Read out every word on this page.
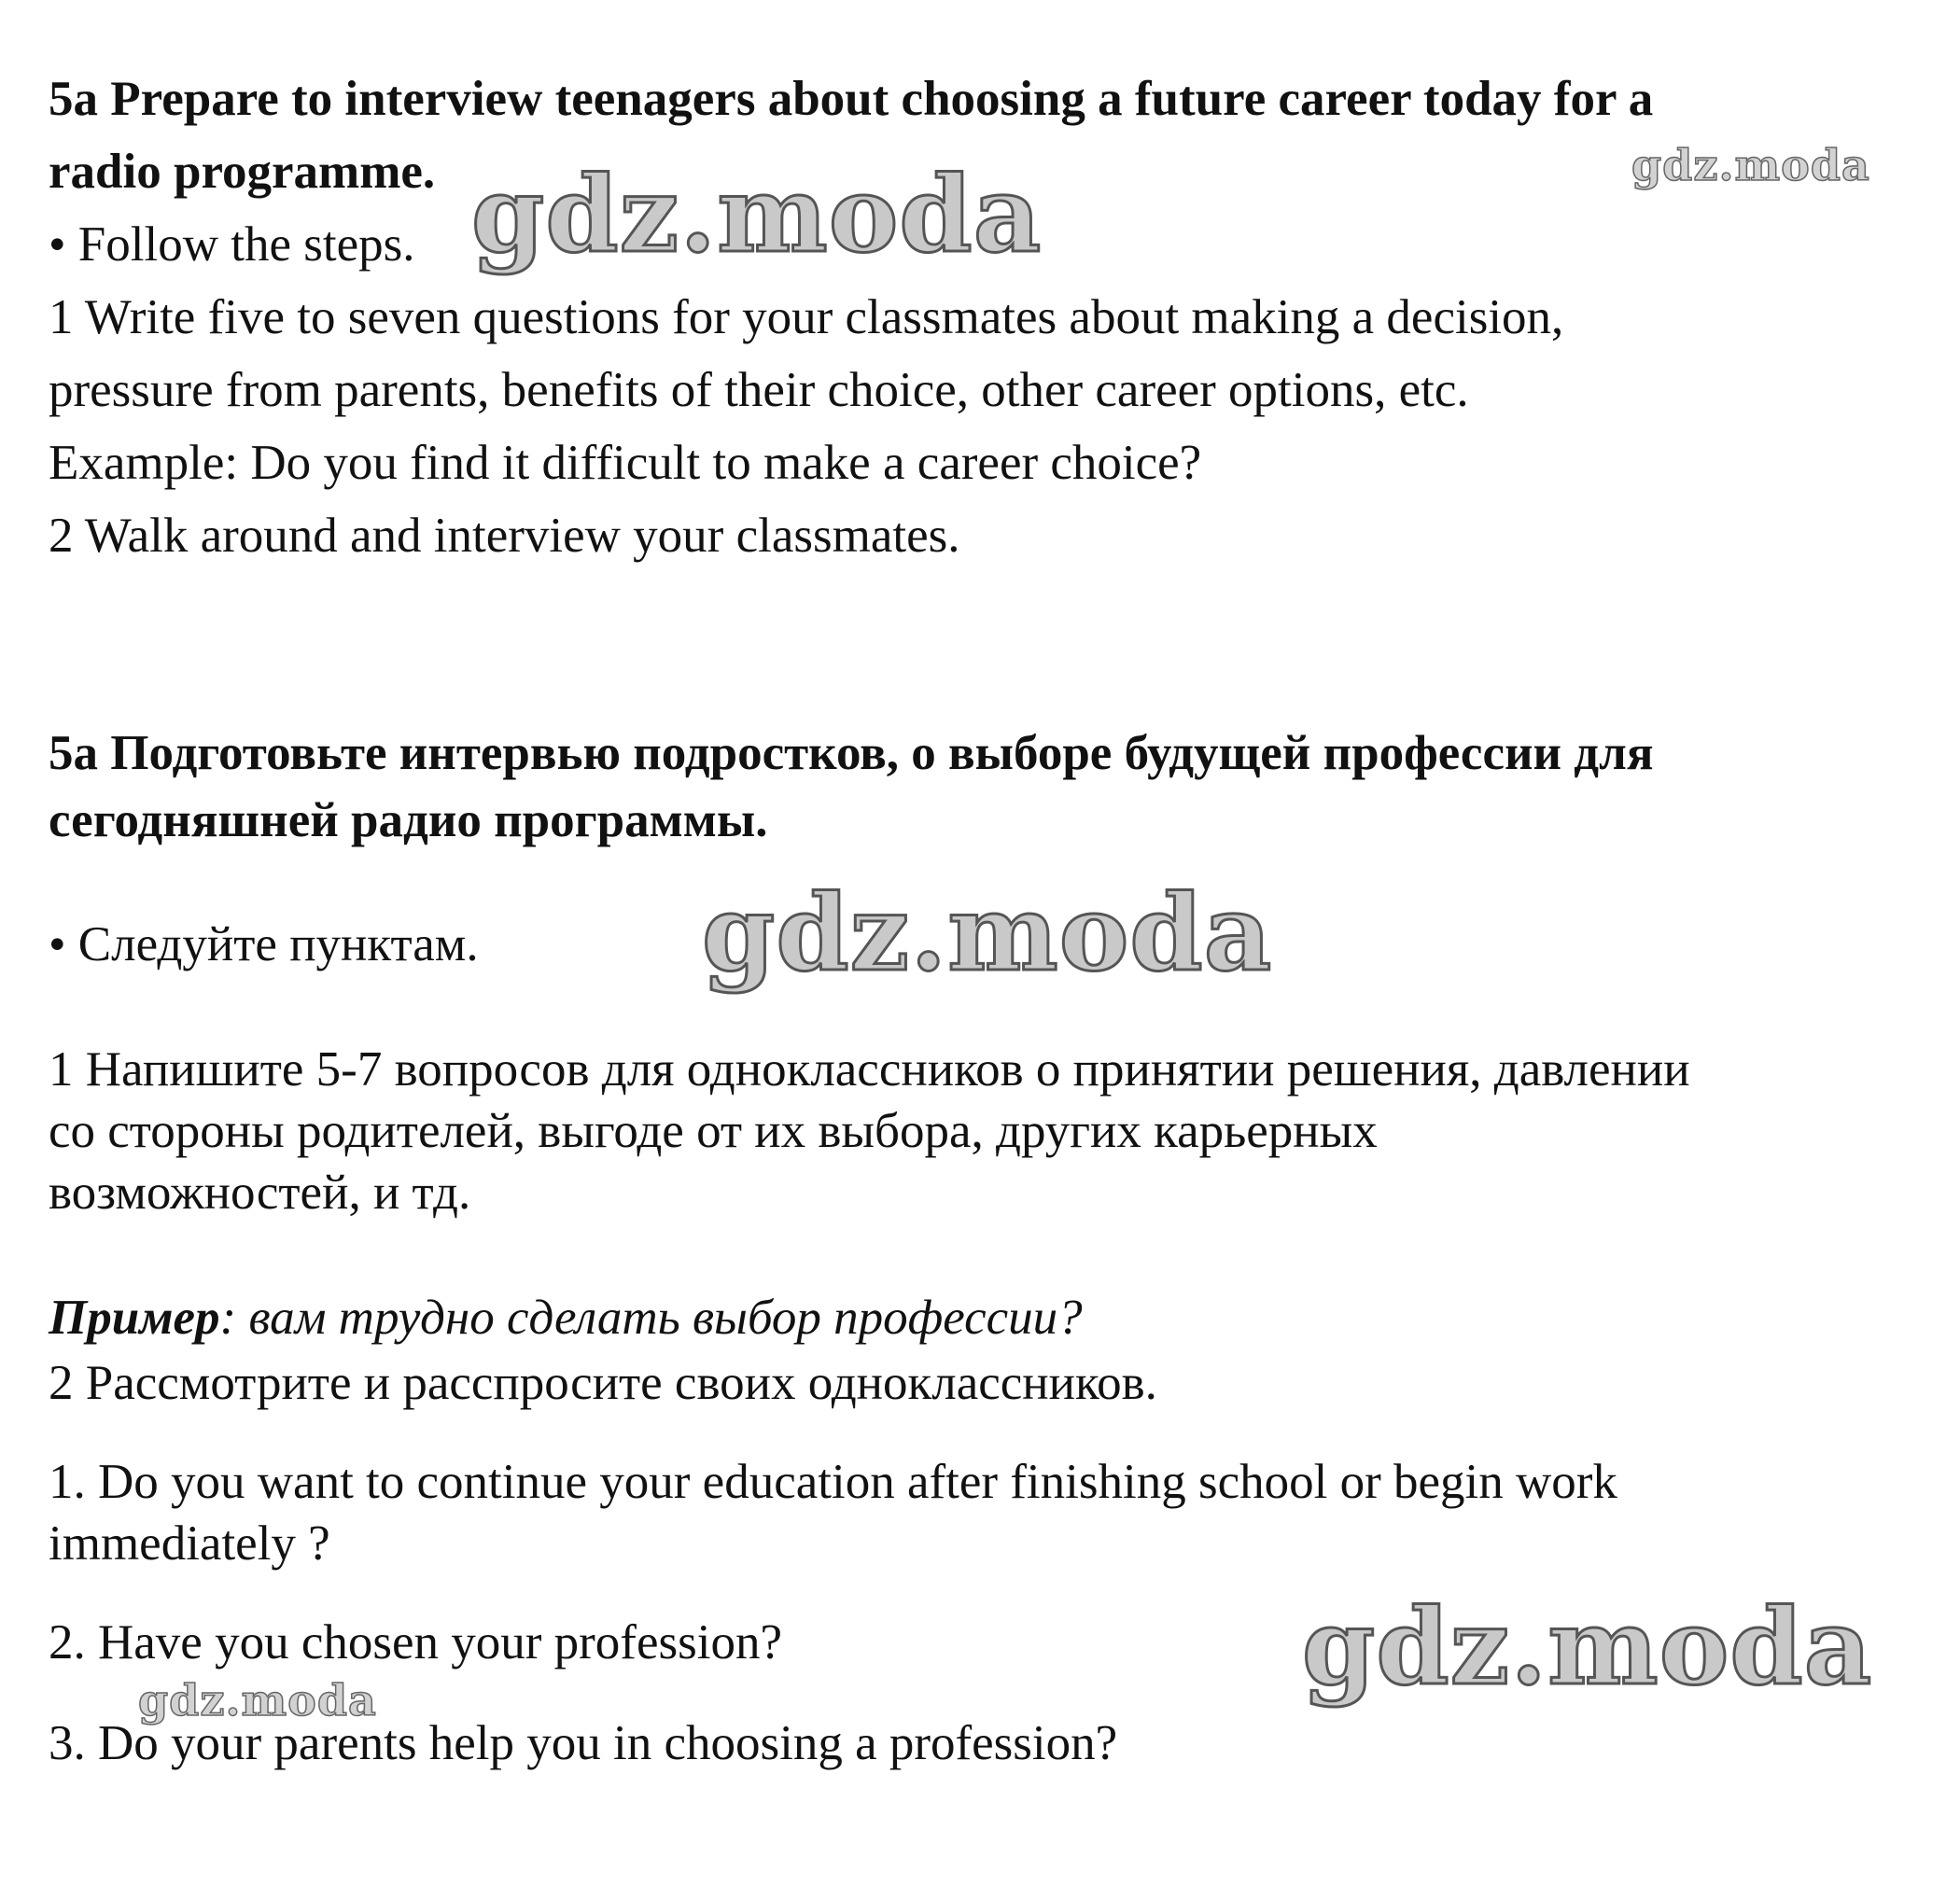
5a Prepare to interview teenagers about choosing a future career today for a
radio programme.
• Follow the steps.
1 Write five to seven questions for your classmates about making a decision,
pressure from parents, benefits of their choice, other career options, etc.
Example: Do you find it difficult to make a career choice?
2 Walk around and interview your classmates.
5a Подготовьте интервью подростков, о выборе будущей профессии для
сегодняшней радио программы.
• Следуйте пунктам.
1 Напишите 5-7 вопросов для одноклассников о принятии решения, давлении
со стороны родителей, выгоде от их выбора, других карьерных
возможностей, и тд.
Пример: вам трудно сделать выбор профессии?
2 Рассмотрите и расспросите своих одноклассников.
1. Do you want to continue your education after finishing school or begin work
immediately ?
2. Have you chosen your profession?
3. Do your parents help you in choosing a profession?
gdz.moda
gdz.moda
gdz.moda
gdz.moda
gdz.moda
